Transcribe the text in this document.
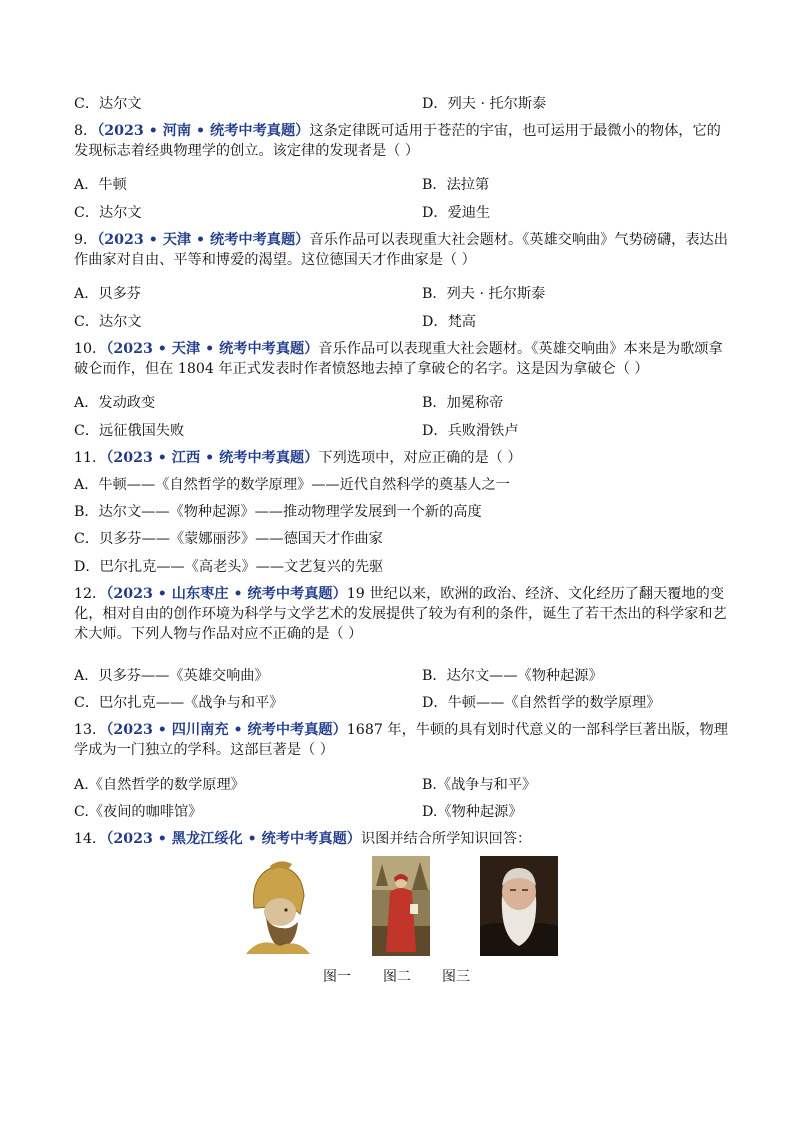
C．达尔文	D．列夫 · 托尔斯泰
8．（2023 • 河南 • 统考中考真题）这条定律既可适用于苍茫的宇宙，也可运用于最微小的物体，它的发现标志着经典物理学的创立。该定律的发现者是（ ）
A．牛顿	B．法拉第
C．达尔文	D．爱迪生
9．（2023 • 天津 • 统考中考真题）音乐作品可以表现重大社会题材。《英雄交响曲》气势磅礴，表达出作曲家对自由、平等和博爱的渴望。这位德国天才作曲家是（ ）
A．贝多芬	B．列夫 · 托尔斯泰
C．达尔文	D．梵高
10．（2023 • 天津 • 统考中考真题）音乐作品可以表现重大社会题材。《英雄交响曲》本来是为歌颂拿破仑而作，但在 1804 年正式发表时作者愤怒地去掉了拿破仑的名字。这是因为拿破仑（ ）
A．发动政变	B．加冕称帝
C．远征俄国失败	D．兵败滑铁卢
11．（2023 • 江西 • 统考中考真题）下列选项中，对应正确的是（ ）
A．牛顿——《自然哲学的数学原理》——近代自然科学的奠基人之一
B．达尔文——《物种起源》——推动物理学发展到一个新的高度
C．贝多芬——《蒙娜丽莎》——德国天才作曲家
D．巴尔扎克——《高老头》——文艺复兴的先驱
12．（2023 • 山东枣庄 • 统考中考真题）19 世纪以来，欧洲的政治、经济、文化经历了翻天覆地的变化，相对自由的创作环境为科学与文学艺术的发展提供了较为有利的条件，诞生了若干杰出的科学家和艺术大师。下列人物与作品对应不正确的是（ ）
A．贝多芬——《英雄交响曲》	B．达尔文——《物种起源》
C．巴尔扎克——《战争与和平》	D．牛顿——《自然哲学的数学原理》
13．（2023 • 四川南充 • 统考中考真题）1687 年，牛顿的具有划时代意义的一部科学巨著出版，物理学成为一门独立的学科。这部巨著是（ ）
A.《自然哲学的数学原理》	B.《战争与和平》
C.《夜间的咖啡馆》	D.《物种起源》
14．（2023 • 黑龙江绥化 • 统考中考真题）识图并结合所学知识回答：
图一 图二 图三
